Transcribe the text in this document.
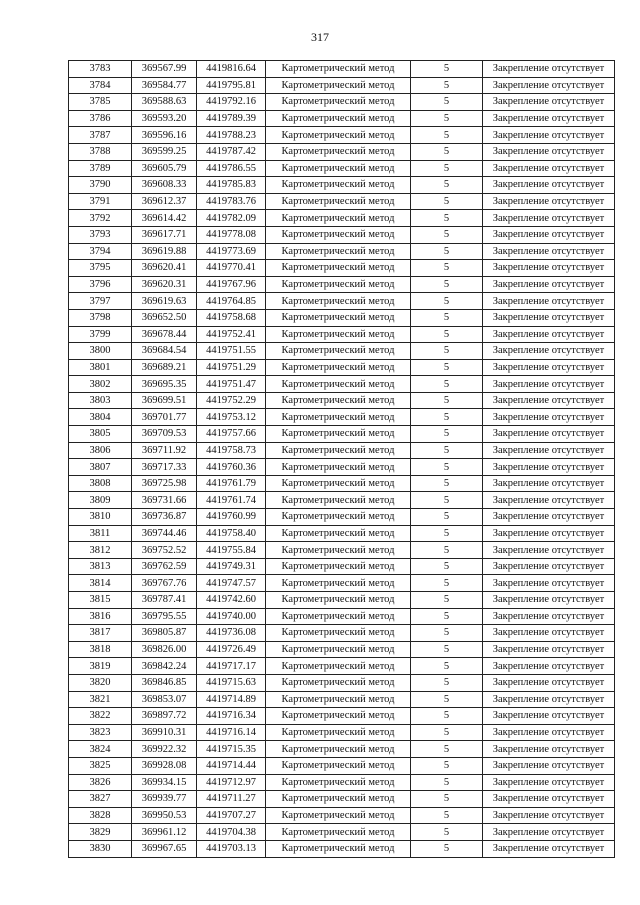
317
3783	369567.99	4419816.64	Картометрический метод	5	Закрепление отсутствует
3784	369584.77	4419795.81	Картометрический метод	5	Закрепление отсутствует
3785	369588.63	4419792.16	Картометрический метод	5	Закрепление отсутствует
3786	369593.20	4419789.39	Картометрический метод	5	Закрепление отсутствует
3787	369596.16	4419788.23	Картометрический метод	5	Закрепление отсутствует
3788	369599.25	4419787.42	Картометрический метод	5	Закрепление отсутствует
3789	369605.79	4419786.55	Картометрический метод	5	Закрепление отсутствует
3790	369608.33	4419785.83	Картометрический метод	5	Закрепление отсутствует
3791	369612.37	4419783.76	Картометрический метод	5	Закрепление отсутствует
3792	369614.42	4419782.09	Картометрический метод	5	Закрепление отсутствует
3793	369617.71	4419778.08	Картометрический метод	5	Закрепление отсутствует
3794	369619.88	4419773.69	Картометрический метод	5	Закрепление отсутствует
3795	369620.41	4419770.41	Картометрический метод	5	Закрепление отсутствует
3796	369620.31	4419767.96	Картометрический метод	5	Закрепление отсутствует
3797	369619.63	4419764.85	Картометрический метод	5	Закрепление отсутствует
3798	369652.50	4419758.68	Картометрический метод	5	Закрепление отсутствует
3799	369678.44	4419752.41	Картометрический метод	5	Закрепление отсутствует
3800	369684.54	4419751.55	Картометрический метод	5	Закрепление отсутствует
3801	369689.21	4419751.29	Картометрический метод	5	Закрепление отсутствует
3802	369695.35	4419751.47	Картометрический метод	5	Закрепление отсутствует
3803	369699.51	4419752.29	Картометрический метод	5	Закрепление отсутствует
3804	369701.77	4419753.12	Картометрический метод	5	Закрепление отсутствует
3805	369709.53	4419757.66	Картометрический метод	5	Закрепление отсутствует
3806	369711.92	4419758.73	Картометрический метод	5	Закрепление отсутствует
3807	369717.33	4419760.36	Картометрический метод	5	Закрепление отсутствует
3808	369725.98	4419761.79	Картометрический метод	5	Закрепление отсутствует
3809	369731.66	4419761.74	Картометрический метод	5	Закрепление отсутствует
3810	369736.87	4419760.99	Картометрический метод	5	Закрепление отсутствует
3811	369744.46	4419758.40	Картометрический метод	5	Закрепление отсутствует
3812	369752.52	4419755.84	Картометрический метод	5	Закрепление отсутствует
3813	369762.59	4419749.31	Картометрический метод	5	Закрепление отсутствует
3814	369767.76	4419747.57	Картометрический метод	5	Закрепление отсутствует
3815	369787.41	4419742.60	Картометрический метод	5	Закрепление отсутствует
3816	369795.55	4419740.00	Картометрический метод	5	Закрепление отсутствует
3817	369805.87	4419736.08	Картометрический метод	5	Закрепление отсутствует
3818	369826.00	4419726.49	Картометрический метод	5	Закрепление отсутствует
3819	369842.24	4419717.17	Картометрический метод	5	Закрепление отсутствует
3820	369846.85	4419715.63	Картометрический метод	5	Закрепление отсутствует
3821	369853.07	4419714.89	Картометрический метод	5	Закрепление отсутствует
3822	369897.72	4419716.34	Картометрический метод	5	Закрепление отсутствует
3823	369910.31	4419716.14	Картометрический метод	5	Закрепление отсутствует
3824	369922.32	4419715.35	Картометрический метод	5	Закрепление отсутствует
3825	369928.08	4419714.44	Картометрический метод	5	Закрепление отсутствует
3826	369934.15	4419712.97	Картометрический метод	5	Закрепление отсутствует
3827	369939.77	4419711.27	Картометрический метод	5	Закрепление отсутствует
3828	369950.53	4419707.27	Картометрический метод	5	Закрепление отсутствует
3829	369961.12	4419704.38	Картометрический метод	5	Закрепление отсутствует
3830	369967.65	4419703.13	Картометрический метод	5	Закрепление отсутствует
